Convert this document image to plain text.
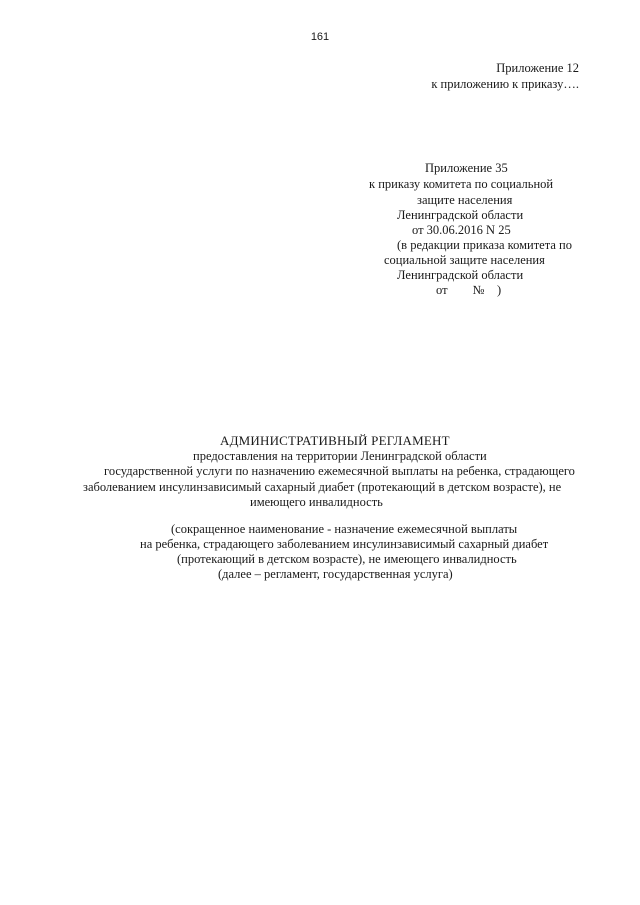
161
Приложение 12
к приложению к приказу….
Приложение 35
к приказу комитета по социальной
защите населения
Ленинградской области
от 30.06.2016 N 25
(в редакции приказа комитета по
социальной защите населения
Ленинградской области
от        №    )
АДМИНИСТРАТИВНЫЙ РЕГЛАМЕНТ
предоставления на территории Ленинградской области
государственной услуги по назначению ежемесячной выплаты на ребенка, страдающего
заболеванием инсулинзависимый сахарный диабет (протекающий в детском возрасте), не
имеющего инвалидность
(сокращенное наименование - назначение ежемесячной выплаты
на ребенка, страдающего заболеванием инсулинзависимый сахарный диабет
(протекающий в детском возрасте), не имеющего инвалидность
(далее – регламент, государственная услуга)
